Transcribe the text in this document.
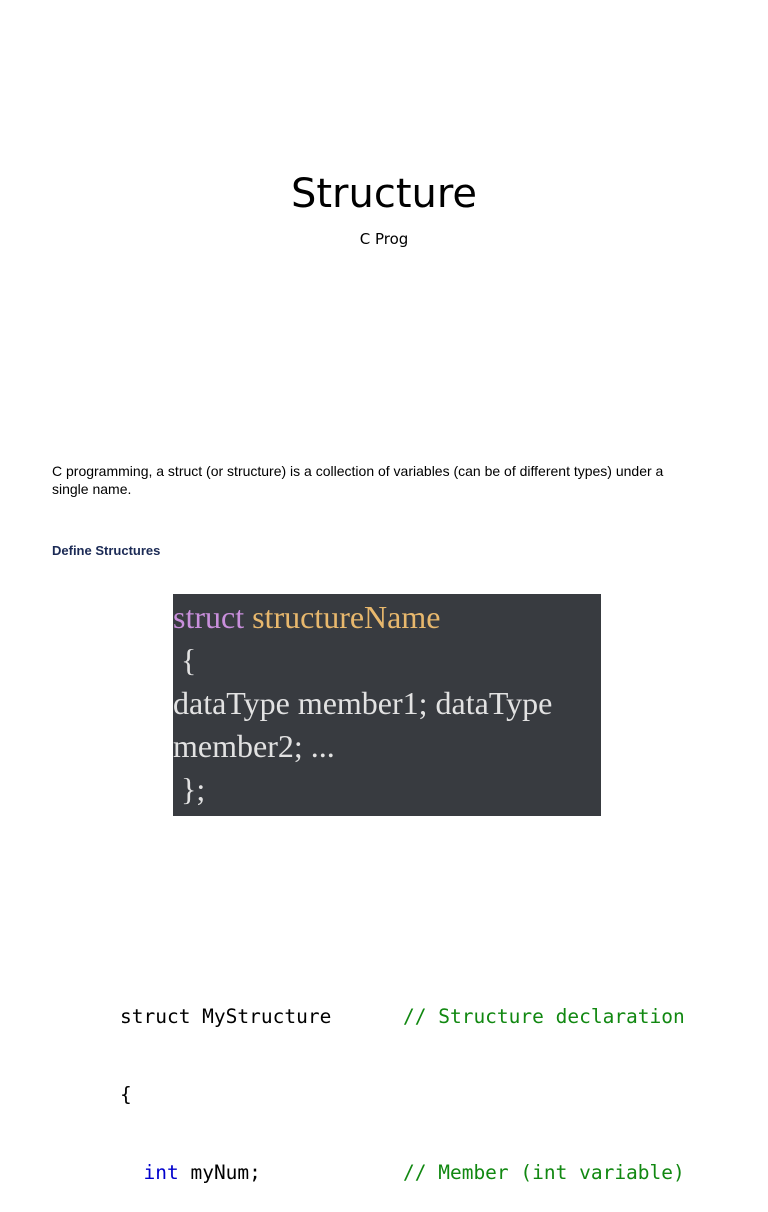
Structure
C Prog
C programming, a struct (or structure) is a collection of variables (can be of different types) under a single name.
Define Structures
struct structureName
{
dataType member1; dataType
member2; ...
};

struct MyStructure	// Structure declaration

{

int myNum;	// Member (int variable)
